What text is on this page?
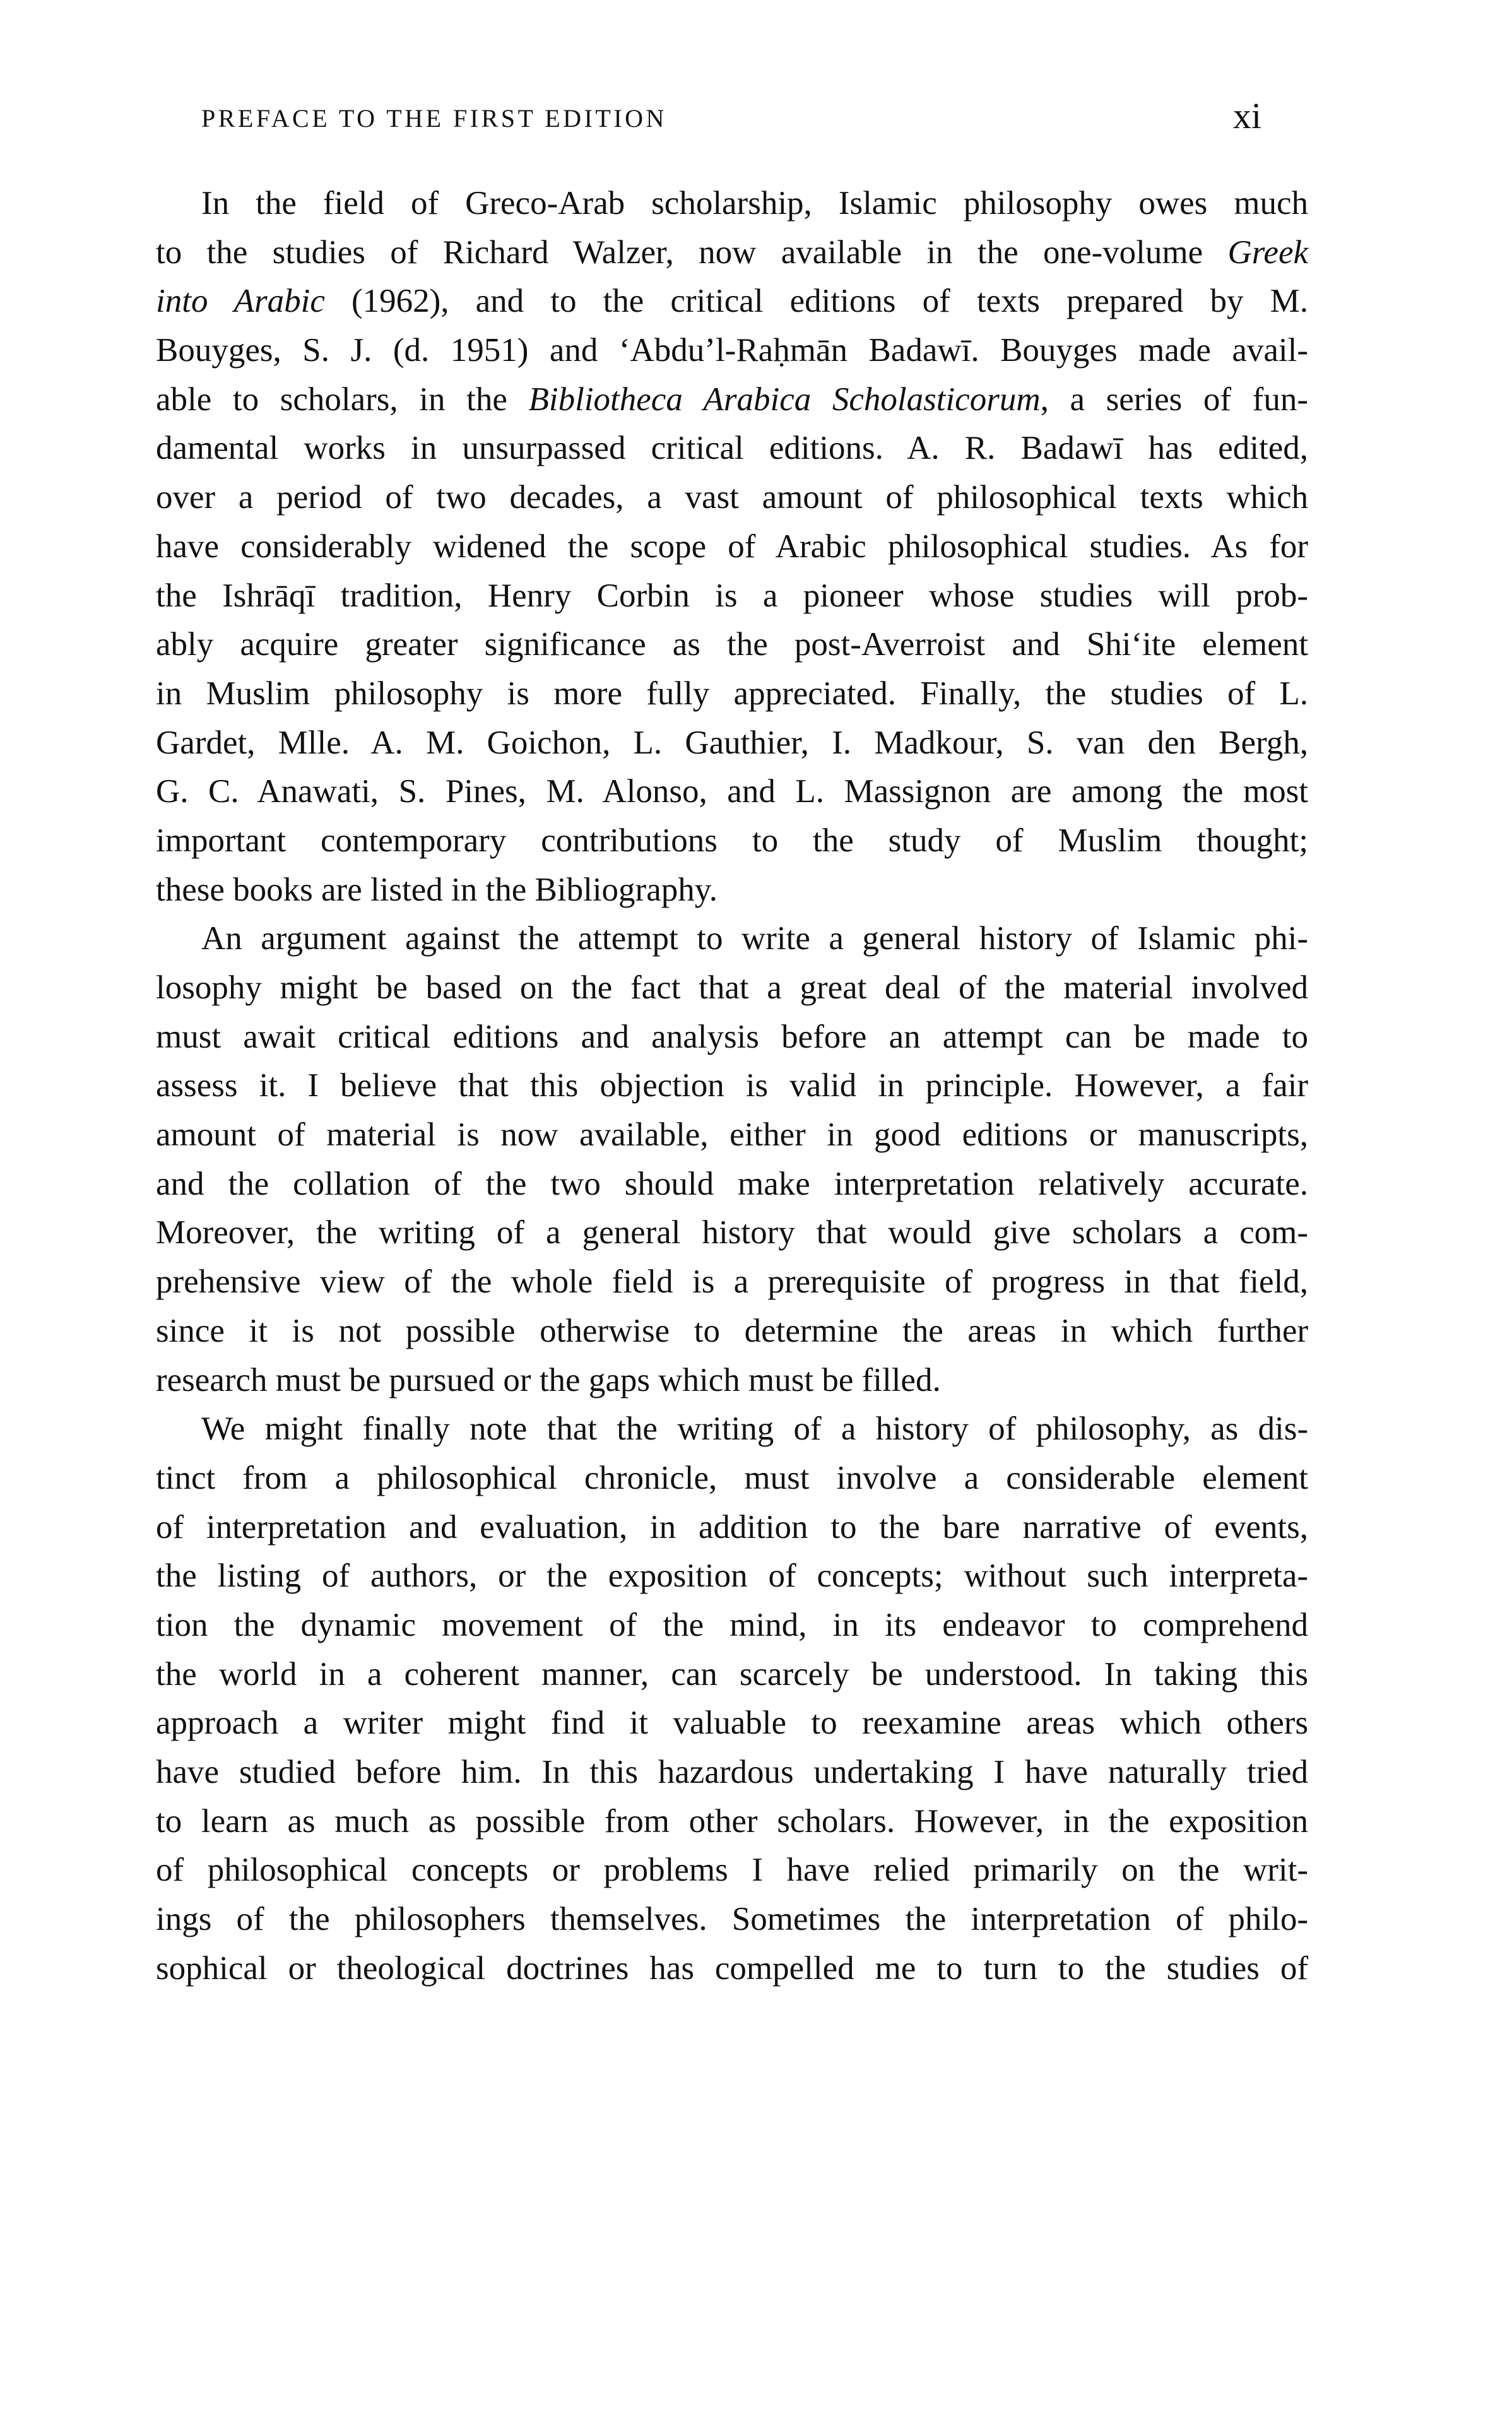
PREFACE TO THE FIRST EDITION	xi
In the field of Greco-Arab scholarship, Islamic philosophy owes much
to the studies of Richard Walzer, now available in the one-volume Greek
into Arabic (1962), and to the critical editions of texts prepared by M.
Bouyges, S. J. (d. 1951) and ‘Abdu’l-Raḥmān Badawī. Bouyges made avail-
able to scholars, in the Bibliotheca Arabica Scholasticorum, a series of fun-
damental works in unsurpassed critical editions. A. R. Badawī has edited,
over a period of two decades, a vast amount of philosophical texts which
have considerably widened the scope of Arabic philosophical studies. As for
the Ishrāqī tradition, Henry Corbin is a pioneer whose studies will prob-
ably acquire greater significance as the post-Averroist and Shi‘ite element
in Muslim philosophy is more fully appreciated. Finally, the studies of L.
Gardet, Mlle. A. M. Goichon, L. Gauthier, I. Madkour, S. van den Bergh,
G. C. Anawati, S. Pines, M. Alonso, and L. Massignon are among the most
important contemporary contributions to the study of Muslim thought;
these books are listed in the Bibliography.
An argument against the attempt to write a general history of Islamic phi-
losophy might be based on the fact that a great deal of the material involved
must await critical editions and analysis before an attempt can be made to
assess it. I believe that this objection is valid in principle. However, a fair
amount of material is now available, either in good editions or manuscripts,
and the collation of the two should make interpretation relatively accurate.
Moreover, the writing of a general history that would give scholars a com-
prehensive view of the whole field is a prerequisite of progress in that field,
since it is not possible otherwise to determine the areas in which further
research must be pursued or the gaps which must be filled.
We might finally note that the writing of a history of philosophy, as dis-
tinct from a philosophical chronicle, must involve a considerable element
of interpretation and evaluation, in addition to the bare narrative of events,
the listing of authors, or the exposition of concepts; without such interpreta-
tion the dynamic movement of the mind, in its endeavor to comprehend
the world in a coherent manner, can scarcely be understood. In taking this
approach a writer might find it valuable to reexamine areas which others
have studied before him. In this hazardous undertaking I have naturally tried
to learn as much as possible from other scholars. However, in the exposition
of philosophical concepts or problems I have relied primarily on the writ-
ings of the philosophers themselves. Sometimes the interpretation of philo-
sophical or theological doctrines has compelled me to turn to the studies of
